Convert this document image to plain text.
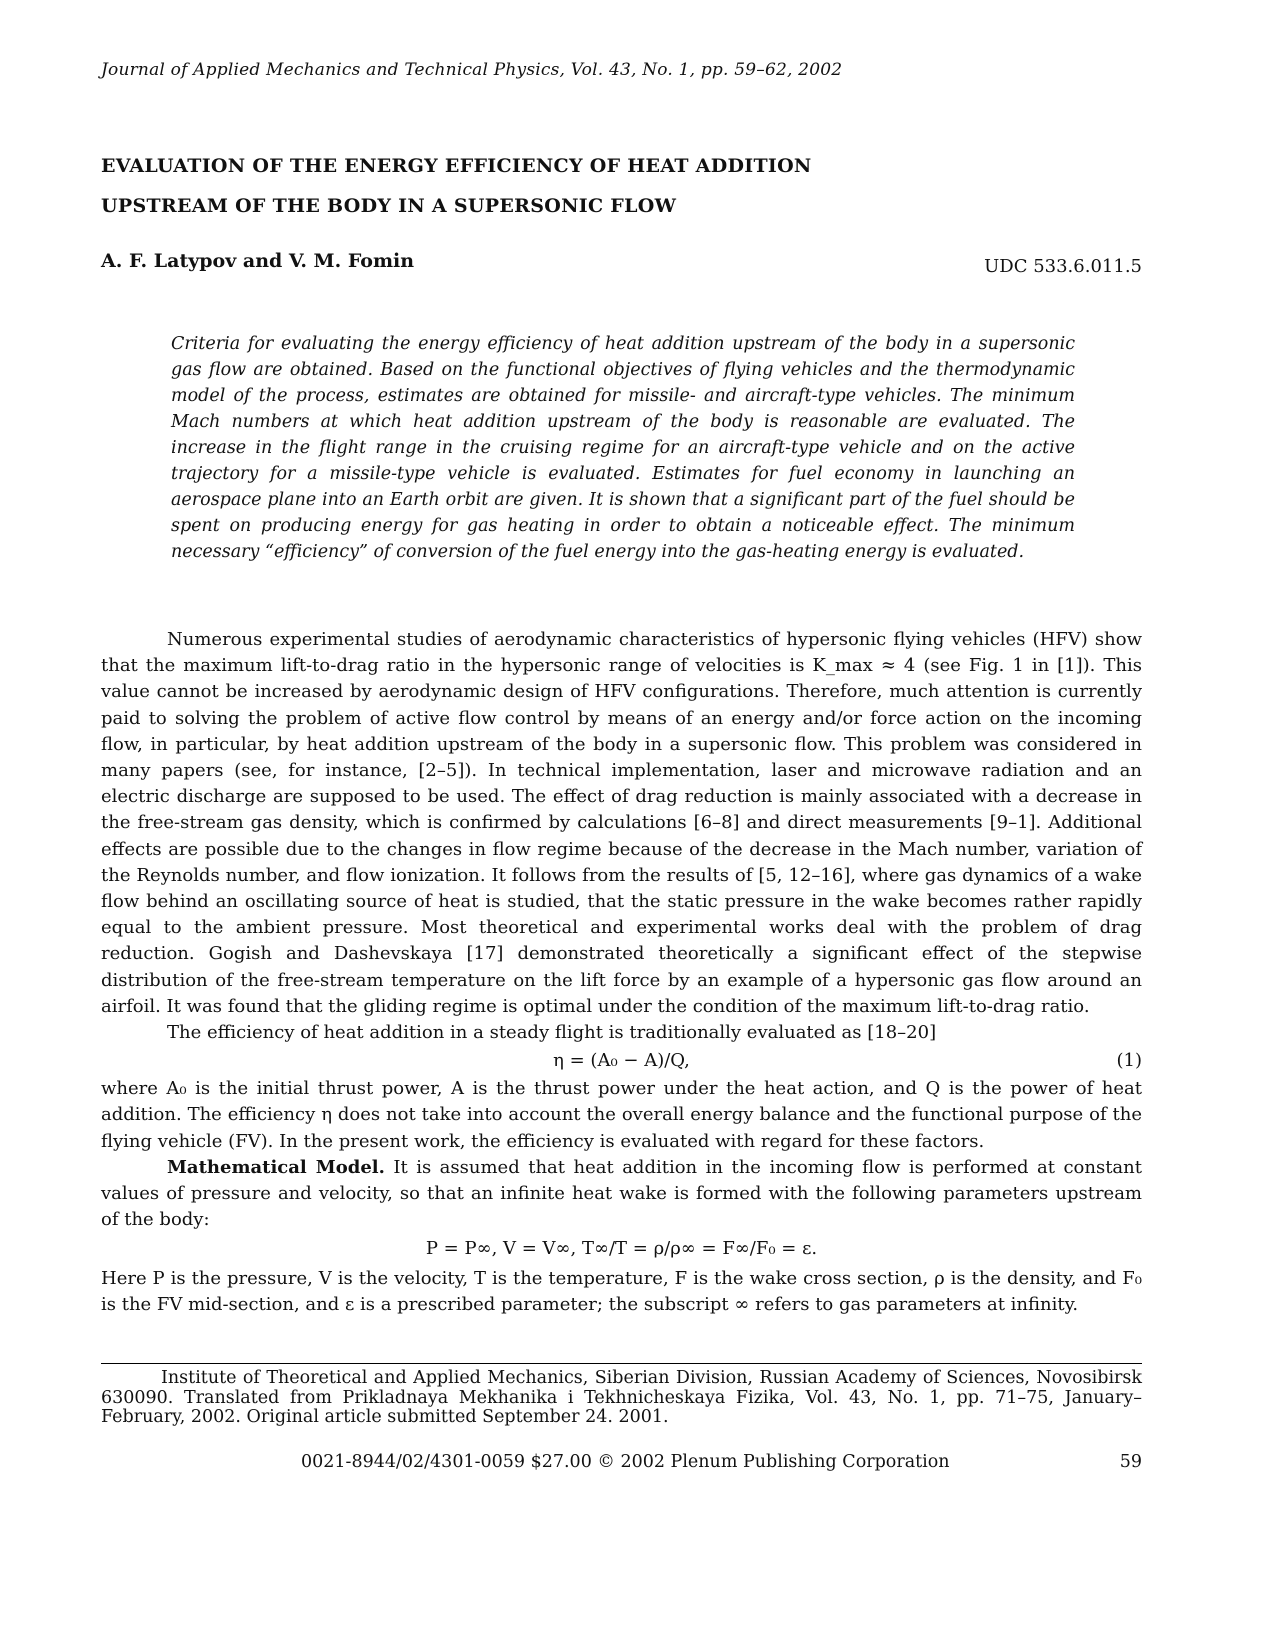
Journal of Applied Mechanics and Technical Physics, Vol. 43, No. 1, pp. 59–62, 2002
EVALUATION OF THE ENERGY EFFICIENCY OF HEAT ADDITION
UPSTREAM OF THE BODY IN A SUPERSONIC FLOW
A. F. Latypov and V. M. Fomin	UDC 533.6.011.5
Criteria for evaluating the energy efficiency of heat addition upstream of the body in a supersonic gas flow are obtained. Based on the functional objectives of flying vehicles and the thermodynamic model of the process, estimates are obtained for missile- and aircraft-type vehicles. The minimum Mach numbers at which heat addition upstream of the body is reasonable are evaluated. The increase in the flight range in the cruising regime for an aircraft-type vehicle and on the active trajectory for a missile-type vehicle is evaluated. Estimates for fuel economy in launching an aerospace plane into an Earth orbit are given. It is shown that a significant part of the fuel should be spent on producing energy for gas heating in order to obtain a noticeable effect. The minimum necessary “efficiency” of conversion of the fuel energy into the gas-heating energy is evaluated.

Numerous experimental studies of aerodynamic characteristics of hypersonic flying vehicles (HFV) show that the maximum lift-to-drag ratio in the hypersonic range of velocities is K_max ≈ 4 (see Fig. 1 in [1]). This value cannot be increased by aerodynamic design of HFV configurations. Therefore, much attention is currently paid to solving the problem of active flow control by means of an energy and/or force action on the incoming flow, in particular, by heat addition upstream of the body in a supersonic flow. This problem was considered in many papers (see, for instance, [2–5]). In technical implementation, laser and microwave radiation and an electric discharge are supposed to be used. The effect of drag reduction is mainly associated with a decrease in the free-stream gas density, which is confirmed by calculations [6–8] and direct measurements [9–1]. Additional effects are possible due to the changes in flow regime because of the decrease in the Mach number, variation of the Reynolds number, and flow ionization. It follows from the results of [5, 12–16], where gas dynamics of a wake flow behind an oscillating source of heat is studied, that the static pressure in the wake becomes rather rapidly equal to the ambient pressure. Most theoretical and experimental works deal with the problem of drag reduction. Gogish and Dashevskaya [17] demonstrated theoretically a significant effect of the stepwise distribution of the free-stream temperature on the lift force by an example of a hypersonic gas flow around an airfoil. It was found that the gliding regime is optimal under the condition of the maximum lift-to-drag ratio.

The efficiency of heat addition in a steady flight is traditionally evaluated as [18–20]

η = (A₀ − A)/Q,	(1)

where A₀ is the initial thrust power, A is the thrust power under the heat action, and Q is the power of heat addition. The efficiency η does not take into account the overall energy balance and the functional purpose of the flying vehicle (FV). In the present work, the efficiency is evaluated with regard for these factors.

Mathematical Model. It is assumed that heat addition in the incoming flow is performed at constant values of pressure and velocity, so that an infinite heat wake is formed with the following parameters upstream of the body:

P = P∞, V = V∞, T∞/T = ρ/ρ∞ = F∞/F₀ = ε.

Here P is the pressure, V is the velocity, T is the temperature, F is the wake cross section, ρ is the density, and F₀ is the FV mid-section, and ε is a prescribed parameter; the subscript ∞ refers to gas parameters at infinity.

Institute of Theoretical and Applied Mechanics, Siberian Division, Russian Academy of Sciences, Novosibirsk 630090. Translated from Prikladnaya Mekhanika i Tekhnicheskaya Fizika, Vol. 43, No. 1, pp. 71–75, January–February, 2002. Original article submitted September 24. 2001.
0021-8944/02/4301-0059 $27.00 © 2002 Plenum Publishing Corporation	59
